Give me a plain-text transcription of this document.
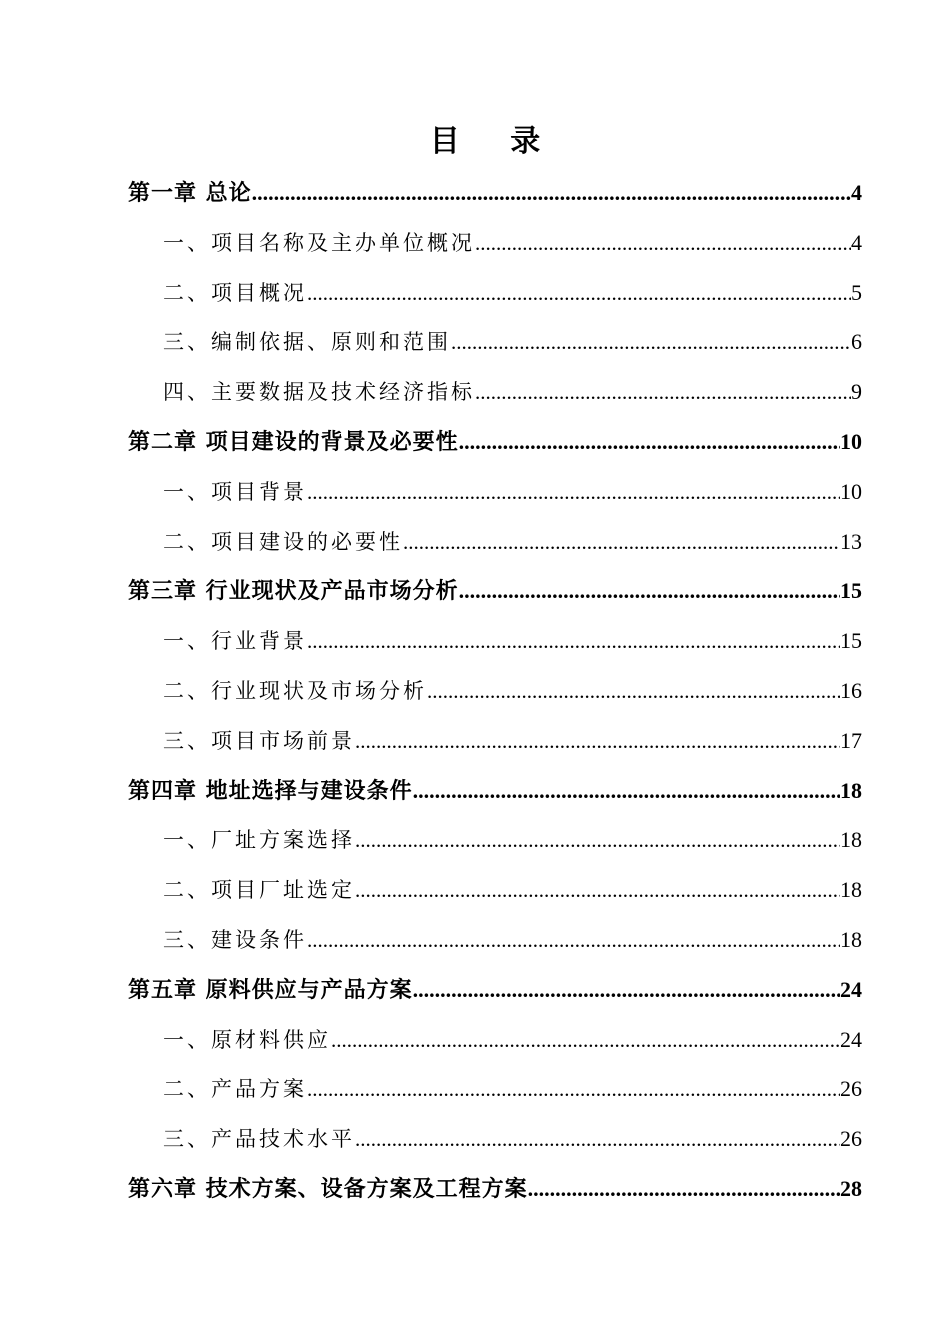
目 录
第一章 总论 .....	4
一、项目名称及主办单位概况 .....	4
二、项目概况 .....	5
三、编制依据、原则和范围 .....	6
四、主要数据及技术经济指标 .....	9
第二章 项目建设的背景及必要性 .....	10
一、项目背景 .....	10
二、项目建设的必要性 .....	13
第三章 行业现状及产品市场分析 .....	15
一、行业背景 .....	15
二、行业现状及市场分析 .....	16
三、项目市场前景 .....	17
第四章 地址选择与建设条件 .....	18
一、厂址方案选择 .....	18
二、项目厂址选定 .....	18
三、建设条件 .....	18
第五章 原料供应与产品方案 .....	24
一、原材料供应 .....	24
二、产品方案 .....	26
三、产品技术水平 .....	26
第六章 技术方案、设备方案及工程方案 .....	28
